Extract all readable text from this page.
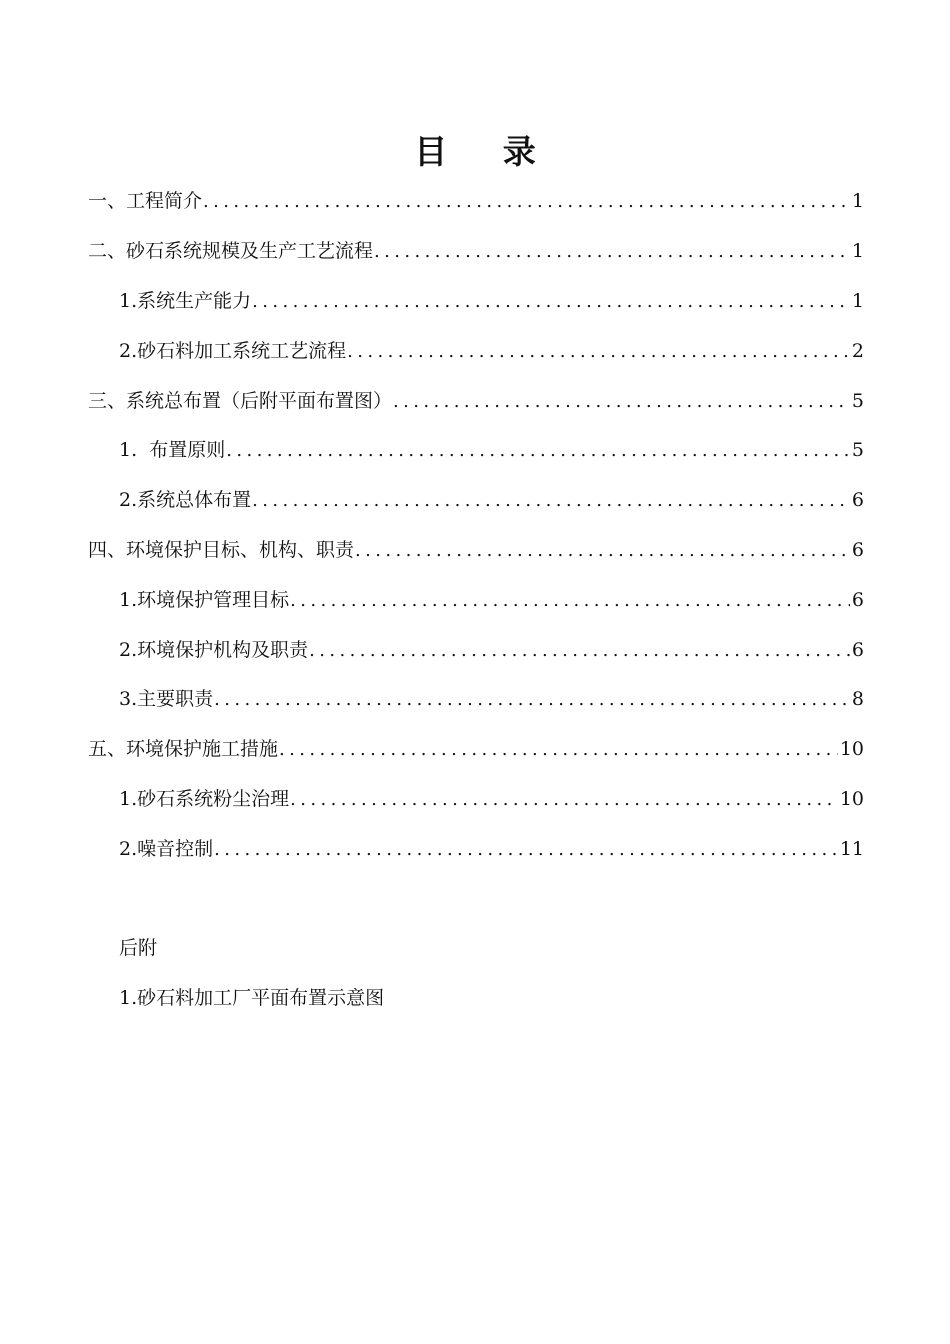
目 录
一、工程简介 .....	1
二、砂石系统规模及生产工艺流程 .....	1
1.系统生产能力 .....	1
2.砂石料加工系统工艺流程 .....	2
三、系统总布置（后附平面布置图） .....	5
1.  布置原则 .....	5
2.系统总体布置 .....	6
四、环境保护目标、机构、职责 .....	6
1.环境保护管理目标 .....	6
2.环境保护机构及职责 .....	6
3.主要职责 .....	8
五、环境保护施工措施 .....	10
1.砂石系统粉尘治理 .....	10
2.噪音控制 .....	11
后附
1.砂石料加工厂平面布置示意图
